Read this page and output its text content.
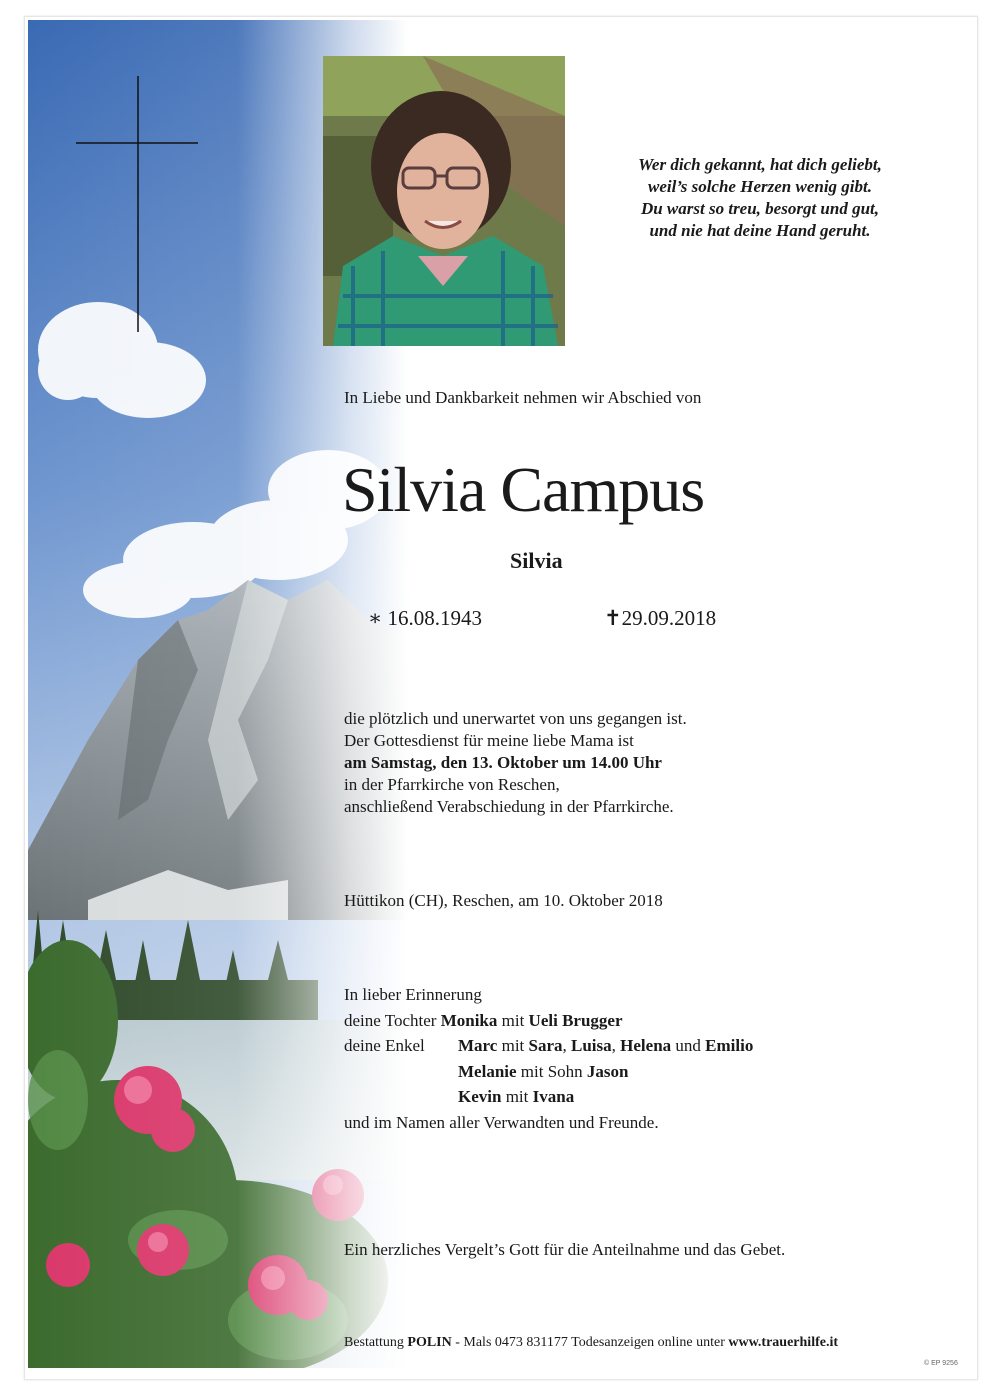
Wer dich gekannt, hat dich geliebt,
weil’s solche Herzen wenig gibt.
Du warst so treu, besorgt und gut,
und nie hat deine Hand geruht.
In Liebe und Dankbarkeit nehmen wir Abschied von
Silvia Campus
Silvia
∗ 16.08.1943	✝29.09.2018
die plötzlich und unerwartet von uns gegangen ist.
Der Gottesdienst für meine liebe Mama ist
am Samstag, den 13. Oktober um 14.00 Uhr
in der Pfarrkirche von Reschen,
anschließend Verabschiedung in der Pfarrkirche.
Hüttikon (CH), Reschen, am 10. Oktober 2018
In lieber Erinnerung
deine Tochter Monika mit Ueli Brugger
deine Enkel Marc mit Sara, Luisa, Helena und Emilio
Melanie mit Sohn Jason
Kevin mit Ivana
und im Namen aller Verwandten und Freunde.
Ein herzliches Vergelt’s Gott für die Anteilnahme und das Gebet.
Bestattung POLIN - Mals 0473 831177 Todesanzeigen online unter www.trauerhilfe.it
© EP 9256
